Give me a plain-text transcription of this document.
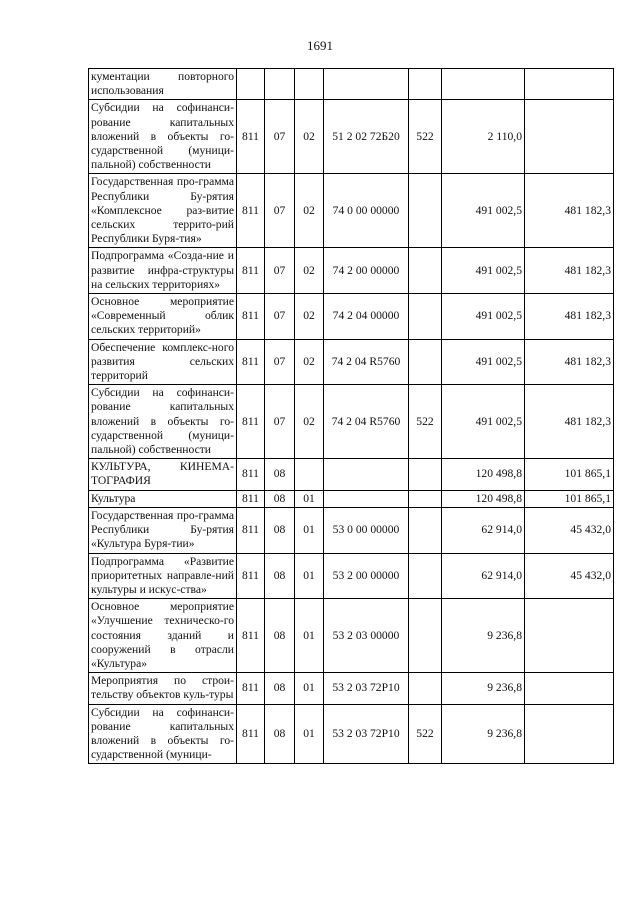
1691
кументации повторного использования							
Субсидии на софинанси-рование капитальных вложений в объекты го-сударственной (муници-пальной) собственности	811	07	02	51 2 02 72Б20	522	2 110,0	
Государственная про-грамма Республики Бу-рятия «Комплексное раз-витие сельских террито-рий Республики Буря-тия»	811	07	02	74 0 00 00000		491 002,5	481 182,3
Подпрограмма «Созда-ние и развитие инфра-структуры на сельских территориях»	811	07	02	74 2 00 00000		491 002,5	481 182,3
Основное мероприятие «Современный облик сельских территорий»	811	07	02	74 2 04 00000		491 002,5	481 182,3
Обеспечение комплекс-ного развития сельских территорий	811	07	02	74 2 04 R5760		491 002,5	481 182,3
Субсидии на софинанси-рование капитальных вложений в объекты го-сударственной (муници-пальной) собственности	811	07	02	74 2 04 R5760	522	491 002,5	481 182,3
КУЛЬТУРА, КИНЕМА-ТОГРАФИЯ	811	08				120 498,8	101 865,1
Культура	811	08	01			120 498,8	101 865,1
Государственная про-грамма Республики Бу-рятия «Культура Буря-тии»	811	08	01	53 0 00 00000		62 914,0	45 432,0
Подпрограмма «Развитие приоритетных направле-ний культуры и искус-ства»	811	08	01	53 2 00 00000		62 914,0	45 432,0
Основное мероприятие «Улучшение техническо-го состояния зданий и сооружений в отрасли «Культура»	811	08	01	53 2 03 00000		9 236,8	
Мероприятия по строи-тельству объектов куль-туры	811	08	01	53 2 03 72Р10		9 236,8	
Субсидии на софинанси-рование капитальных вложений в объекты го-сударственной (муници-	811	08	01	53 2 03 72Р10	522	9 236,8	
